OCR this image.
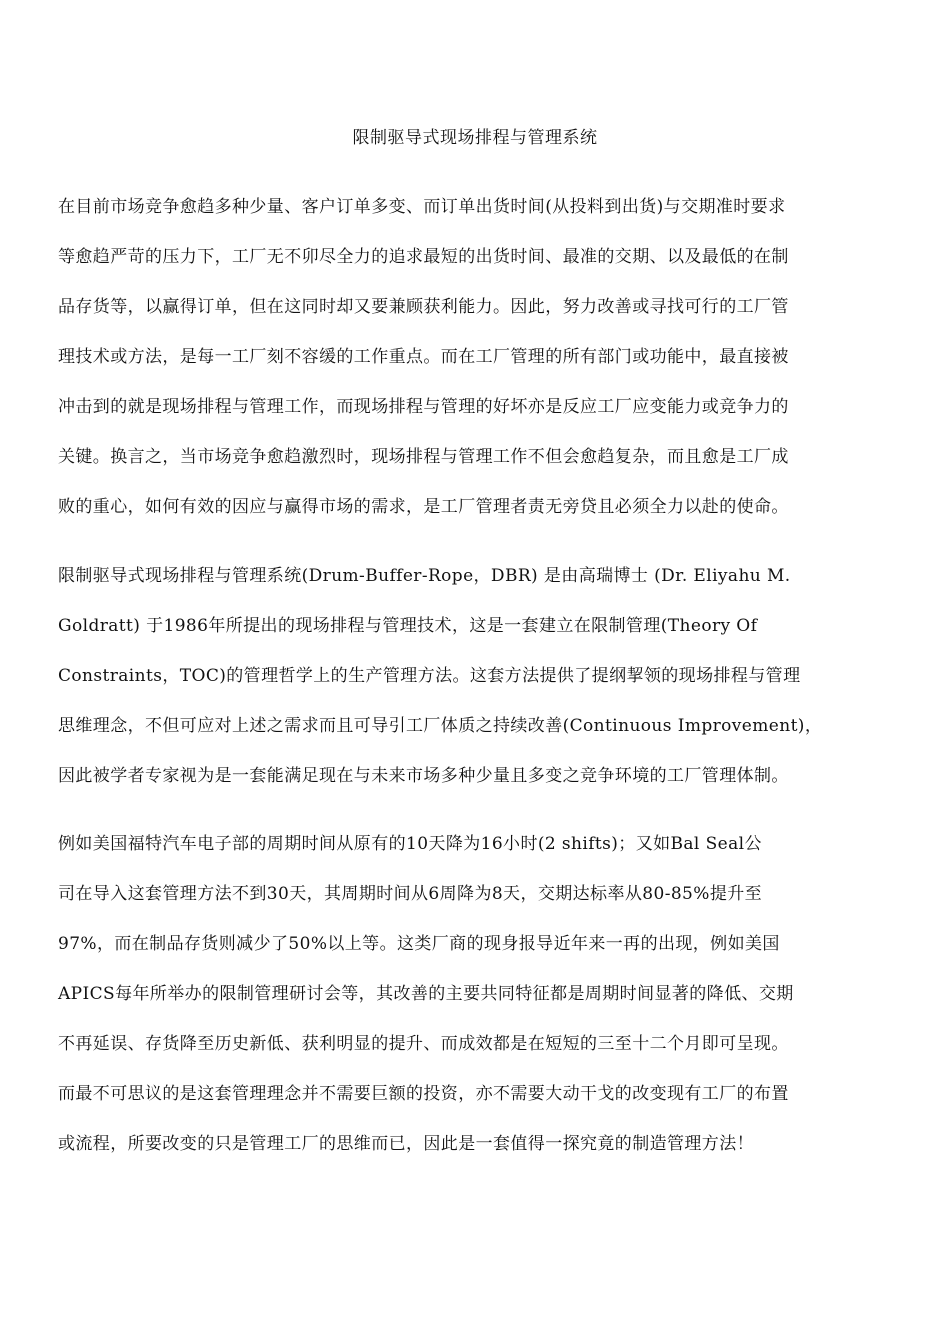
限制驱导式现场排程与管理系统
在目前市场竞争愈趋多种少量、客户订单多变、而订单出货时间(从投料到出货)与交期准时要求
等愈趋严苛的压力下，工厂无不卯尽全力的追求最短的出货时间、最准的交期、以及最低的在制
品存货等，以赢得订单，但在这同时却又要兼顾获利能力。因此，努力改善或寻找可行的工厂管
理技术或方法，是每一工厂刻不容缓的工作重点。而在工厂管理的所有部门或功能中，最直接被
冲击到的就是现场排程与管理工作，而现场排程与管理的好坏亦是反应工厂应变能力或竞争力的
关键。换言之，当市场竞争愈趋激烈时，现场排程与管理工作不但会愈趋复杂，而且愈是工厂成
败的重心，如何有效的因应与赢得市场的需求，是工厂管理者责无旁贷且必须全力以赴的使命。
限制驱导式现场排程与管理系统(Drum-Buffer-Rope，DBR) 是由高瑞博士 (Dr. Eliyahu M.
Goldratt) 于1986年所提出的现场排程与管理技术，这是一套建立在限制管理(Theory Of
Constraints，TOC)的管理哲学上的生产管理方法。这套方法提供了提纲挈领的现场排程与管理
思维理念，不但可应对上述之需求而且可导引工厂体质之持续改善(Continuous Improvement)，
因此被学者专家视为是一套能满足现在与未来市场多种少量且多变之竞争环境的工厂管理体制。
例如美国福特汽车电子部的周期时间从原有的10天降为16小时(2 shifts)；又如Bal Seal公
司在导入这套管理方法不到30天，其周期时间从6周降为8天，交期达标率从80-85%提升至
97%，而在制品存货则减少了50%以上等。这类厂商的现身报导近年来一再的出现，例如美国
APICS每年所举办的限制管理研讨会等，其改善的主要共同特征都是周期时间显著的降低、交期
不再延误、存货降至历史新低、获利明显的提升、而成效都是在短短的三至十二个月即可呈现。
而最不可思议的是这套管理理念并不需要巨额的投资，亦不需要大动干戈的改变现有工厂的布置
或流程，所要改变的只是管理工厂的思维而已，因此是一套值得一探究竟的制造管理方法！
